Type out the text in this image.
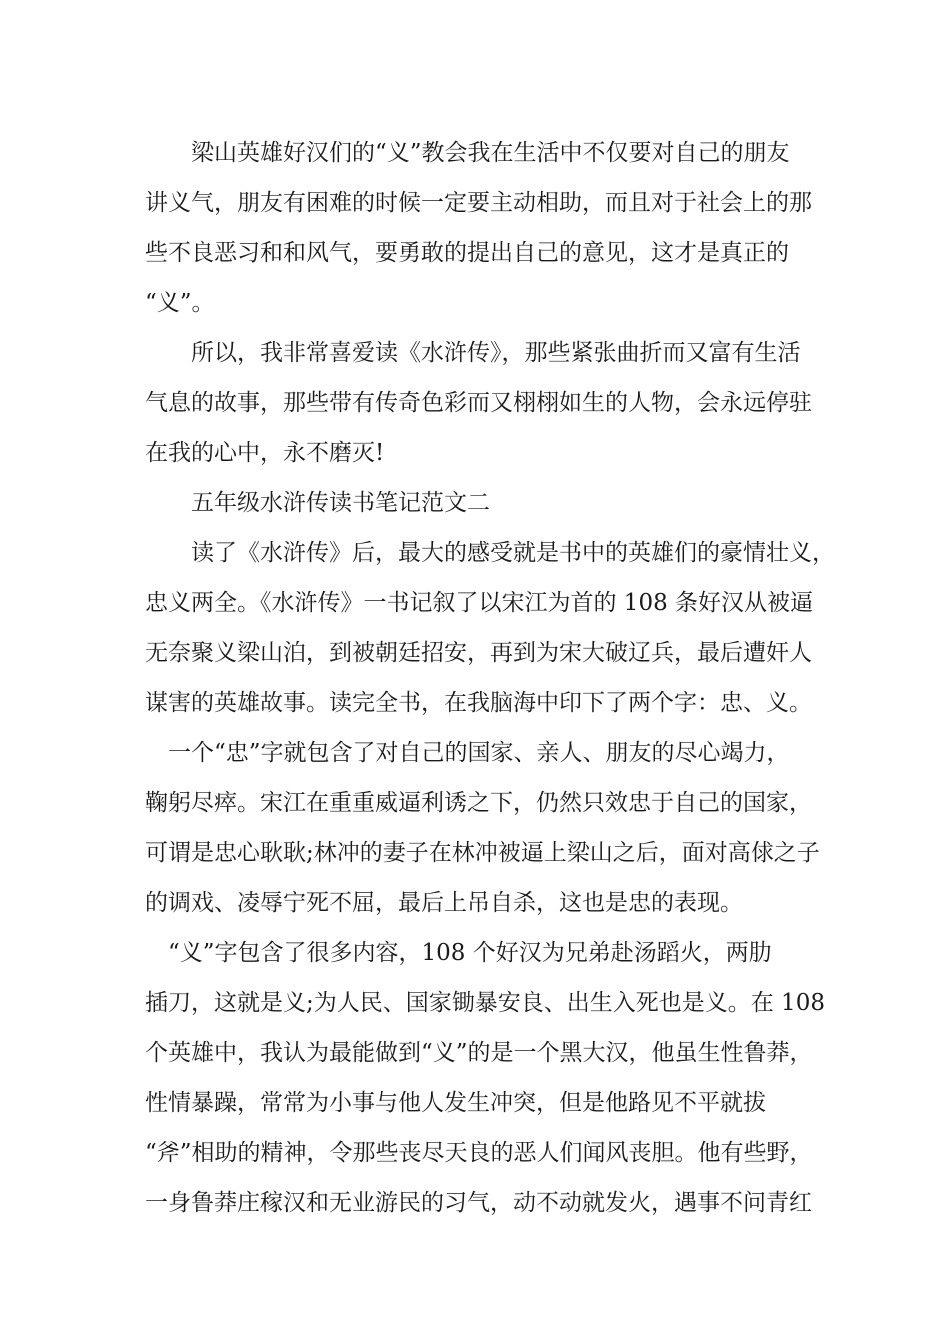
梁山英雄好汉们的“义”教会我在生活中不仅要对自己的朋友
讲义气，朋友有困难的时候一定要主动相助，而且对于社会上的那
些不良恶习和和风气，要勇敢的提出自己的意见，这才是真正的
“义”。
所以，我非常喜爱读《水浒传》，那些紧张曲折而又富有生活
气息的故事，那些带有传奇色彩而又栩栩如生的人物，会永远停驻
在我的心中，永不磨灭!
五年级水浒传读书笔记范文二
读了《水浒传》后，最大的感受就是书中的英雄们的豪情壮义，
忠义两全。《水浒传》一书记叙了以宋江为首的 108 条好汉从被逼
无奈聚义梁山泊，到被朝廷招安，再到为宋大破辽兵，最后遭奸人
谋害的英雄故事。读完全书，在我脑海中印下了两个字：忠、义。
一个“忠”字就包含了对自己的国家、亲人、朋友的尽心竭力，
鞠躬尽瘁。宋江在重重威逼利诱之下，仍然只效忠于自己的国家，
可谓是忠心耿耿;林冲的妻子在林冲被逼上梁山之后，面对高俅之子
的调戏、凌辱宁死不屈，最后上吊自杀，这也是忠的表现。
“义”字包含了很多内容，108 个好汉为兄弟赴汤蹈火，两肋
插刀，这就是义;为人民、国家锄暴安良、出生入死也是义。在 108
个英雄中，我认为最能做到“义”的是一个黑大汉，他虽生性鲁莽，
性情暴躁，常常为小事与他人发生冲突，但是他路见不平就拔
“斧”相助的精神，令那些丧尽天良的恶人们闻风丧胆。他有些野，
一身鲁莽庄稼汉和无业游民的习气，动不动就发火，遇事不问青红
